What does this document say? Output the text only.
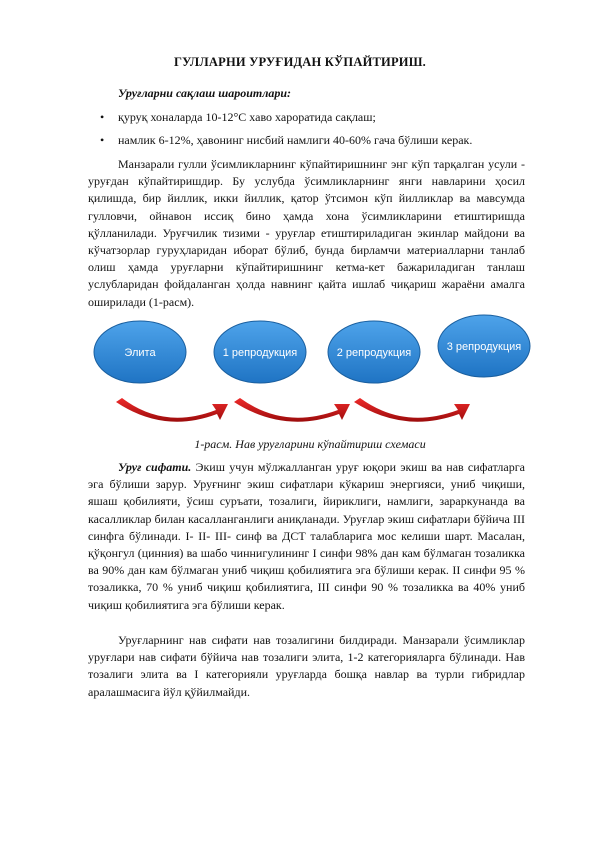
ГУЛЛАРНИ УРУҒИДАН КЎПАЙТИРИШ.
Уруғларни сақлаш шароитлари:
• қуруқ хоналарда 10-12°С хаво хароратида сақлаш;
• намлик 6-12%, ҳавонинг нисбий намлиги 40-60% гача бўлиши керак.

Манзарали гулли ўсимликларнинг кўпайтиришнинг энг кўп тарқалган усули - уруғдан кўпайтиришдир. Бу услубда ўсимликларнинг янги навларини ҳосил қилишда, бир йиллик, икки йиллик, қатор ўтсимон кўп йилликлар ва мавсумда гулловчи, ойнавон иссиқ бино ҳамда хона ўсимликларини етиштиришда қўлланилади. Уруғчилик тизими - уруғлар етиштириладиган экинлар майдони ва кўчатзорлар гуруҳларидан иборат бўлиб, бунда бирламчи материалларни танлаб олиш ҳамда уруғларни кўпайтиришнинг кетма-кет бажариладиган танлаш услубларидан фойдаланган ҳолда навнинг қайта ишлаб чиқариш жараёни амалга оширилади (1-расм).

Элита	1 репродукция	2 репродукция	3 репродукция
1-расм. Нав уруғларини кўпайтириш схемаси

Уруғ сифати. Экиш учун мўлжалланган уруғ юқори экиш ва нав сифатларга эга бўлиши зарур. Уруғнинг экиш сифатлари кўкариш энергияси, униб чиқиши, яшаш қобилияти, ўсиш суръати, тозалиги, йириклиги, намлиги, зараркунанда ва касалликлар билан касалланганлиги аниқланади. Уруғлар экиш сифатлари бўйича III синфга бўлинади. I- II- III- синф ва ДСТ талабларига мос келиши шарт. Масалан, қўқонгул (цинния) ва шабо чиннигулининг I синфи 98% дан кам бўлмаган тозаликка ва 90% дан кам бўлмаган униб чиқиш қобилиятига эга бўлиши керак. II синфи 95 % тозаликка, 70 % униб чиқиш қобилиятига, III синфи 90 % тозаликка ва 40% униб чиқиш қобилиятига эга бўлиши керак.

Уруғларнинг нав сифати нав тозалигини билдиради. Манзарали ўсимликлар уруғлари нав сифати бўйича нав тозалиги элита, 1-2 категорияларга бўлинади. Нав тозалиги элита ва I категорияли уруғларда бошқа навлар ва турли гибридлар аралашмасига йўл қўйилмайди.
